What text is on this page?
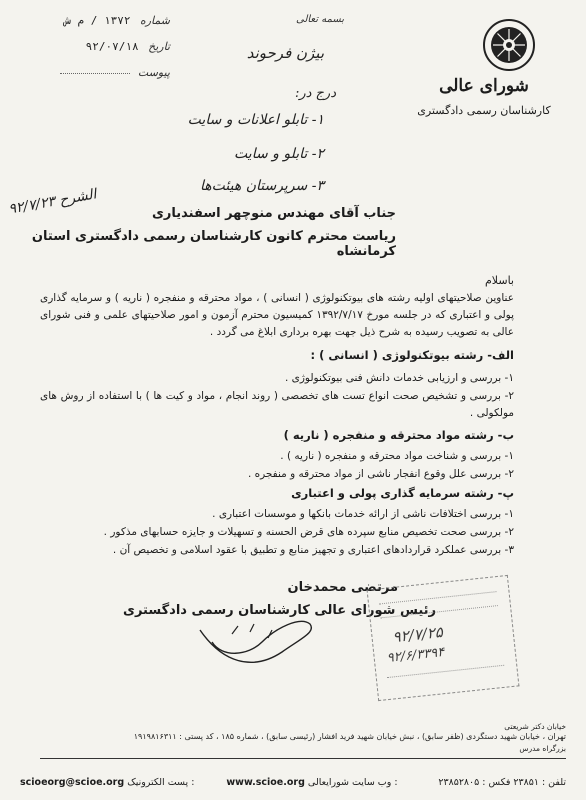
شورای عالی
کارشناسان رسمی دادگستری
بسمه تعالی
شماره ۱۳۷۲ / م ش
تاریخ ۹۲/۰۷/۱۸
پیوست
بیژن فرحوند
درج در:
۱- تابلو اعلانات و سایت
۲- تابلو و سایت
۳- سرپرستان هیئت‌ها
الشرح ۹۲/۷/۲۳
جناب آقای مهندس منوچهر اسفندیاری
ریاست محترم کانون کارشناسان رسمی دادگستری استان کرمانشاه
باسلام
عناوین صلاحیتهای اولیه رشته های بیوتکنولوژی ( انسانی ) ، مواد محترقه و منفجره ( ناریه ) و سرمایه گذاری پولی و اعتباری که در جلسه مورخ ۱۳۹۲/۷/۱۷ کمیسیون محترم آزمون و امور صلاحیتهای علمی و فنی شورای عالی به تصویب رسیده به شرح ذیل جهت بهره برداری ابلاغ می گردد .
الف- رشته بیوتکنولوژی ( انسانی ) :
۱- بررسی و ارزیابی خدمات دانش فنی بیوتکنولوژی .
۲- بررسی و تشخیص صحت انواع تست های تخصصی ( روند انجام ، مواد و کیت ها ) با استفاده از روش های مولکولی .
ب- رشته مواد محترقه و منفجره ( ناریه )
۱- بررسی و شناخت مواد محترقه و منفجره ( ناریه ) .
۲- بررسی علل وقوع انفجار ناشی از مواد محترقه و منفجره .
پ- رشته سرمایه گذاری پولی و اعتباری
۱- بررسی اختلافات ناشی از ارائه خدمات بانکها و موسسات اعتباری .
۲- بررسی صحت تخصیص منابع سپرده های قرض الحسنه و تسهیلات و جایزه حسابهای مذکور .
۳- بررسی عملکرد قراردادهای اعتباری و تجهیز منابع و تطبیق با عقود اسلامی و تخصیص آن .
مرتضی محمدخان
رئیس شورای عالی کارشناسان رسمی دادگستری
۹۲/۷/۲۵
۹۲/۶/۳۳۹۴
خیابان دکتر شریعتی
تهران ، خیابان شهید دستگردی (ظفر سابق) ، نبش خیابان شهید فرید افشار (رئیسی سابق) ، شماره ۱۸۵ ، کد پستی : ۱۹۱۹۸۱۶۳۱۱
بزرگراه مدرس
تلفن : ۲۳۸۵۱ فکس : ۲۳۸۵۲۸۰۵
www.scioe.org وب سایت شورایعالی :
scioeorg@scioe.org پست الکترونیک :
